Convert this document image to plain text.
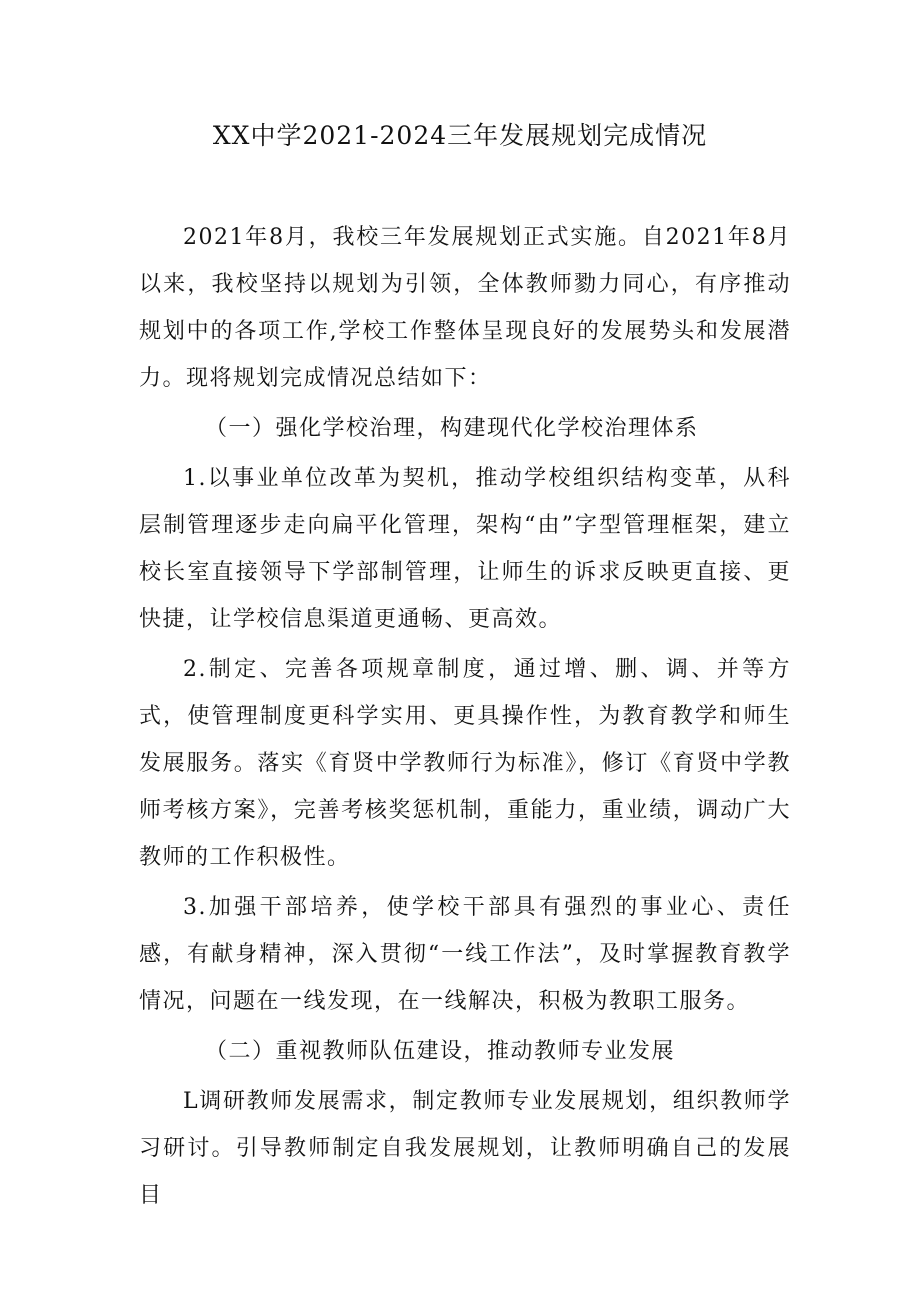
XX中学2021-2024三年发展规划完成情况

2021年8月，我校三年发展规划正式实施。自2021年8月以来，我校坚持以规划为引领，全体教师勠力同心，有序推动规划中的各项工作,学校工作整体呈现良好的发展势头和发展潜力。现将规划完成情况总结如下：

（一）强化学校治理，构建现代化学校治理体系

1.以事业单位改革为契机，推动学校组织结构变革，从科层制管理逐步走向扁平化管理，架构“由”字型管理框架，建立校长室直接领导下学部制管理，让师生的诉求反映更直接、更快捷，让学校信息渠道更通畅、更高效。

2.制定、完善各项规章制度，通过增、删、调、并等方式，使管理制度更科学实用、更具操作性，为教育教学和师生发展服务。落实《育贤中学教师行为标准》，修订《育贤中学教师考核方案》，完善考核奖惩机制，重能力，重业绩，调动广大教师的工作积极性。

3.加强干部培养，使学校干部具有强烈的事业心、责任感，有献身精神，深入贯彻“一线工作法”，及时掌握教育教学情况，问题在一线发现，在一线解决，积极为教职工服务。

（二）重视教师队伍建设，推动教师专业发展

L调研教师发展需求，制定教师专业发展规划，组织教师学习研讨。引导教师制定自我发展规划，让教师明确自己的发展目
